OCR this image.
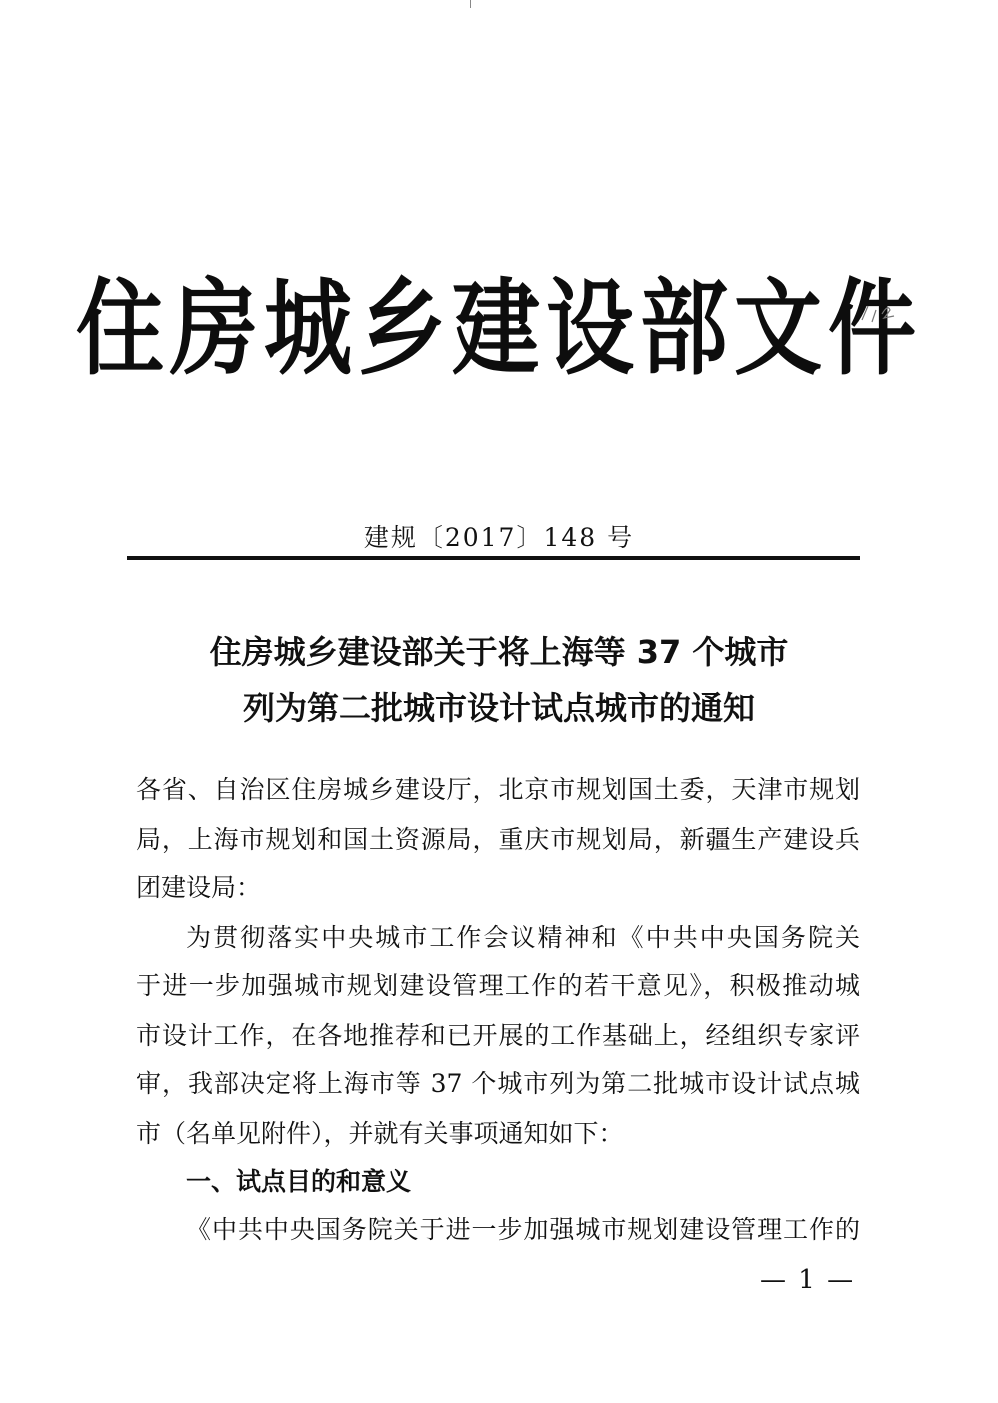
住房城乡建设部文件
建规〔2017〕148 号
住房城乡建设部关于将上海等 37 个城市
列为第二批城市设计试点城市的通知
各省、自治区住房城乡建设厅，北京市规划国土委，天津市规划
局，上海市规划和国土资源局，重庆市规划局，新疆生产建设兵
团建设局：
为贯彻落实中央城市工作会议精神和《中共中央国务院关
于进一步加强城市规划建设管理工作的若干意见》，积极推动城
市设计工作，在各地推荐和已开展的工作基础上，经组织专家评
审，我部决定将上海市等 37 个城市列为第二批城市设计试点城
市（名单见附件），并就有关事项通知如下：
一、试点目的和意义
《中共中央国务院关于进一步加强城市规划建设管理工作的
— 1 —
